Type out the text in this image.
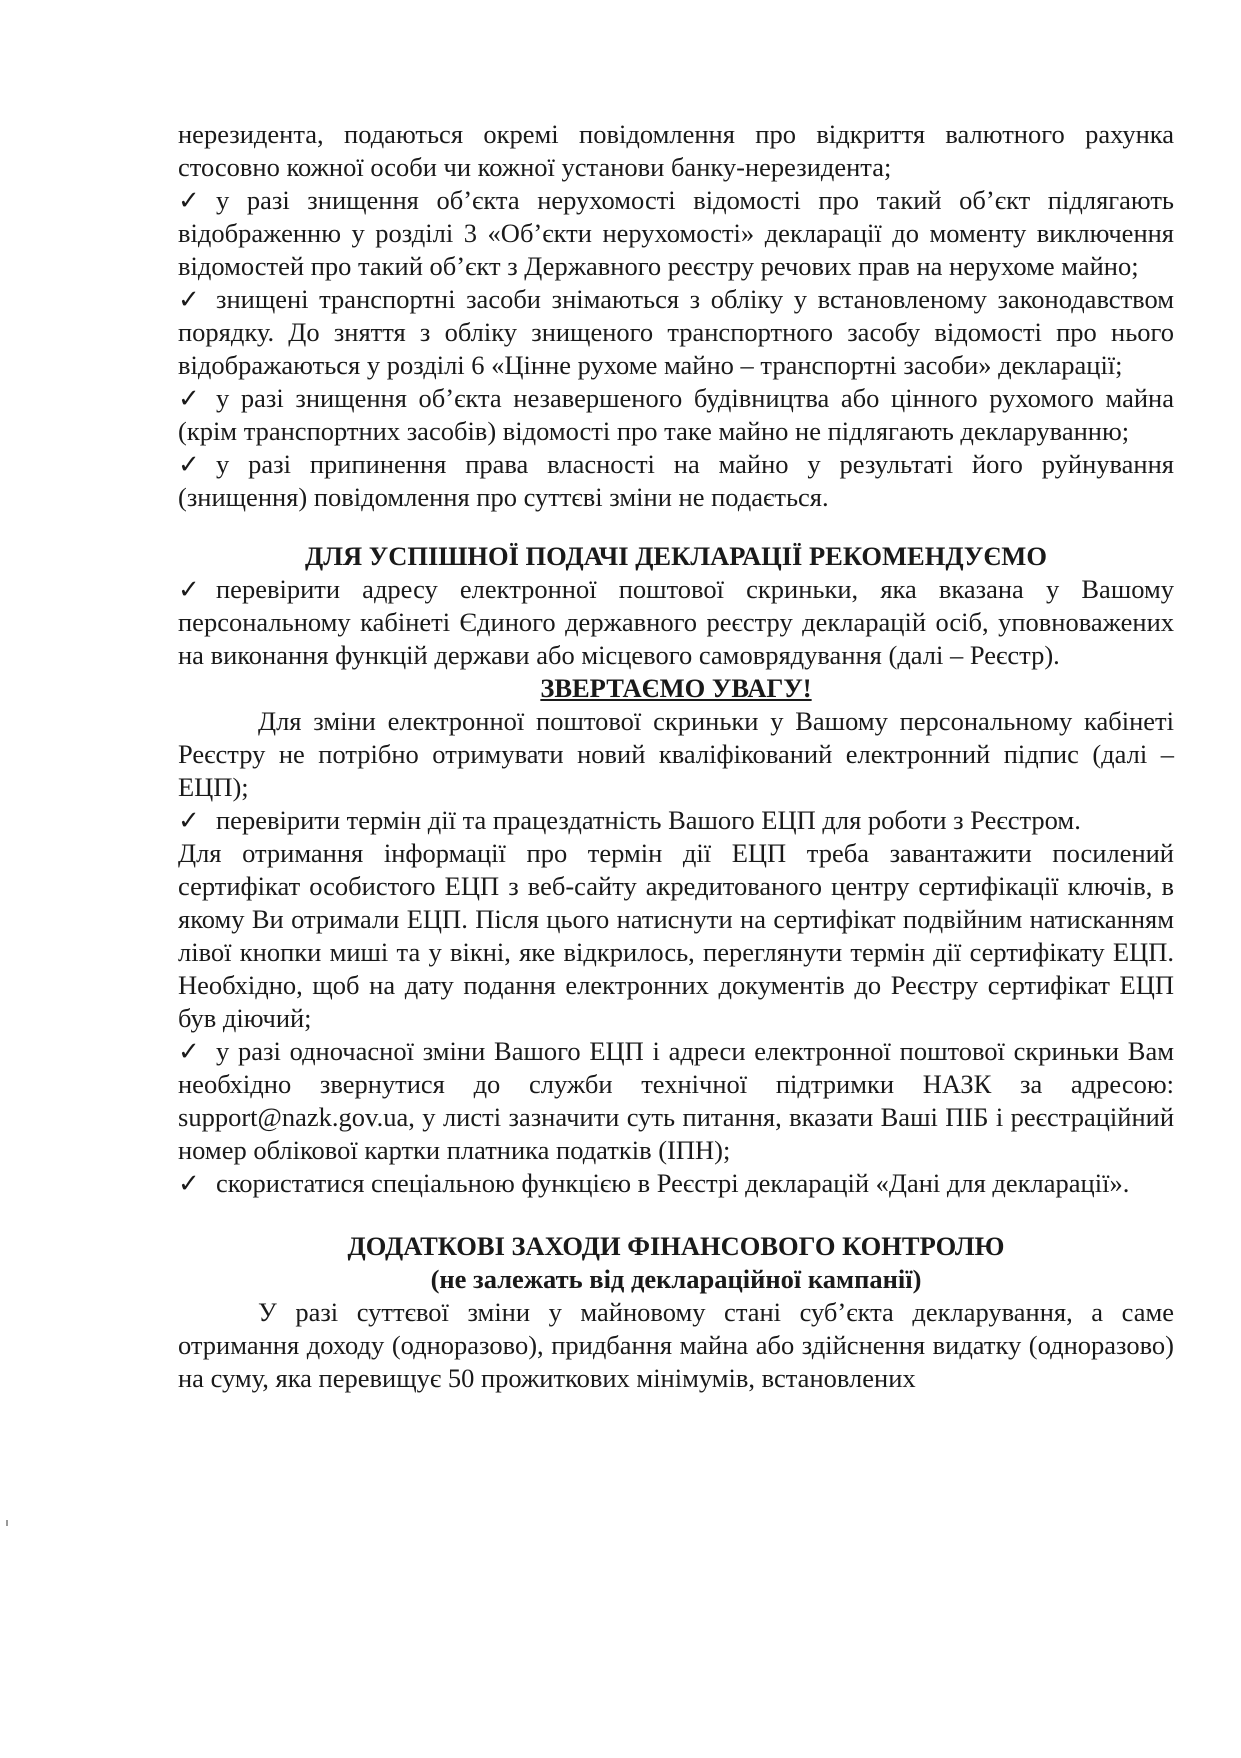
нерезидента, подаються окремі повідомлення про відкриття валютного рахунка стосовно кожної особи чи кожної установи банку-нерезидента;

✓ у разі знищення об’єкта нерухомості відомості про такий об’єкт підлягають відображенню у розділі 3 «Об’єкти нерухомості» декларації до моменту виключення відомостей про такий об’єкт з Державного реєстру речових прав на нерухоме майно;

✓ знищені транспортні засоби знімаються з обліку у встановленому законодавством порядку. До зняття з обліку знищеного транспортного засобу відомості про нього відображаються у розділі 6 «Цінне рухоме майно – транспортні засоби» декларації;

✓ у разі знищення об’єкта незавершеного будівництва або цінного рухомого майна (крім транспортних засобів) відомості про таке майно не підлягають декларуванню;

✓ у разі припинення права власності на майно у результаті його руйнування (знищення) повідомлення про суттєві зміни не подається.

ДЛЯ УСПІШНОЇ ПОДАЧІ ДЕКЛАРАЦІЇ РЕКОМЕНДУЄМО

✓ перевірити адресу електронної поштової скриньки, яка вказана у Вашому персональному кабінеті Єдиного державного реєстру декларацій осіб, уповноважених на виконання функцій держави або місцевого самоврядування (далі – Реєстр).

ЗВЕРТАЄМО УВАГУ!

Для зміни електронної поштової скриньки у Вашому персональному кабінеті Реєстру не потрібно отримувати новий кваліфікований електронний підпис (далі – ЕЦП);

✓ перевірити термін дії та працездатність Вашого ЕЦП для роботи з Реєстром.

Для отримання інформації про термін дії ЕЦП треба завантажити посилений сертифікат особистого ЕЦП з веб-сайту акредитованого центру сертифікації ключів, в якому Ви отримали ЕЦП. Після цього натиснути на сертифікат подвійним натисканням лівої кнопки миші та у вікні, яке відкрилось, переглянути термін дії сертифікату ЕЦП. Необхідно, щоб на дату подання електронних документів до Реєстру сертифікат ЕЦП був діючий;

✓ у разі одночасної зміни Вашого ЕЦП і адреси електронної поштової скриньки Вам необхідно звернутися до служби технічної підтримки НАЗК за адресою: support@nazk.gov.ua, у листі зазначити суть питання, вказати Ваші ПІБ і реєстраційний номер облікової картки платника податків (ІПН);

✓ скористатися спеціальною функцією в Реєстрі декларацій «Дані для декларації».

ДОДАТКОВІ ЗАХОДИ ФІНАНСОВОГО КОНТРОЛЮ

(не залежать від декларацiйної кампанiї)

У разі суттєвої зміни у майновому стані суб’єкта декларування, а саме отримання доходу (одноразово), придбання майна або здійснення видатку (одноразово) на суму, яка перевищує 50 прожиткових мінімумів, встановлених
